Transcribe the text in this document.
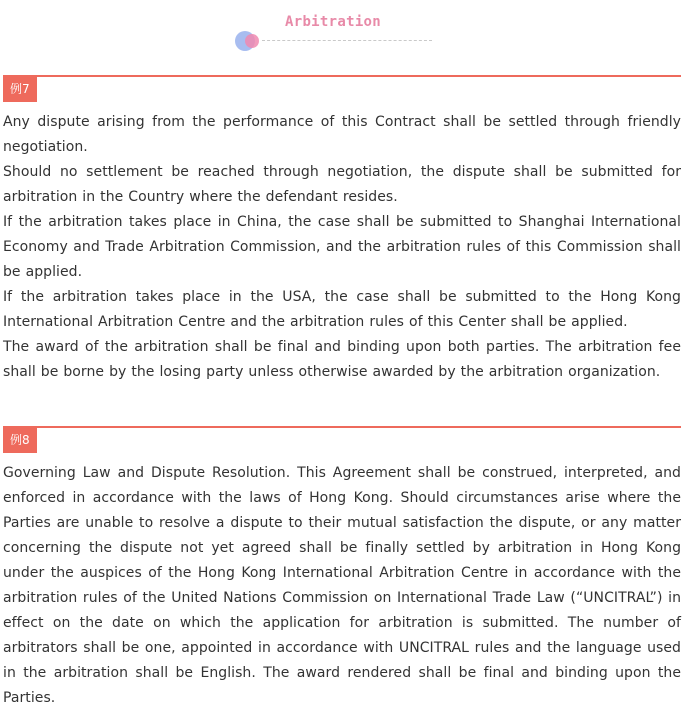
Arbitration
例7

Any dispute arising from the performance of this Contract shall be settled through friendly negotiation.

Should no settlement be reached through negotiation, the dispute shall be submitted for arbitration in the Country where the defendant resides.

If the arbitration takes place in China, the case shall be submitted to Shanghai International Economy and Trade Arbitration Commission, and the arbitration rules of this Commission shall be applied.

If the arbitration takes place in the USA, the case shall be submitted to the Hong Kong International Arbitration Centre and the arbitration rules of this Center shall be applied.

The award of the arbitration shall be final and binding upon both parties. The arbitration fee shall be borne by the losing party unless otherwise awarded by the arbitration organization.

例8

Governing Law and Dispute Resolution. This Agreement shall be construed, interpreted, and enforced in accordance with the laws of Hong Kong. Should circumstances arise where the Parties are unable to resolve a dispute to their mutual satisfaction the dispute, or any matter concerning the dispute not yet agreed shall be finally settled by arbitration in Hong Kong under the auspices of the Hong Kong International Arbitration Centre in accordance with the arbitration rules of the United Nations Commission on International Trade Law (“UNCITRAL”) in effect on the date on which the application for arbitration is submitted. The number of arbitrators shall be one, appointed in accordance with UNCITRAL rules and the language used in the arbitration shall be English. The award rendered shall be final and binding upon the Parties.
